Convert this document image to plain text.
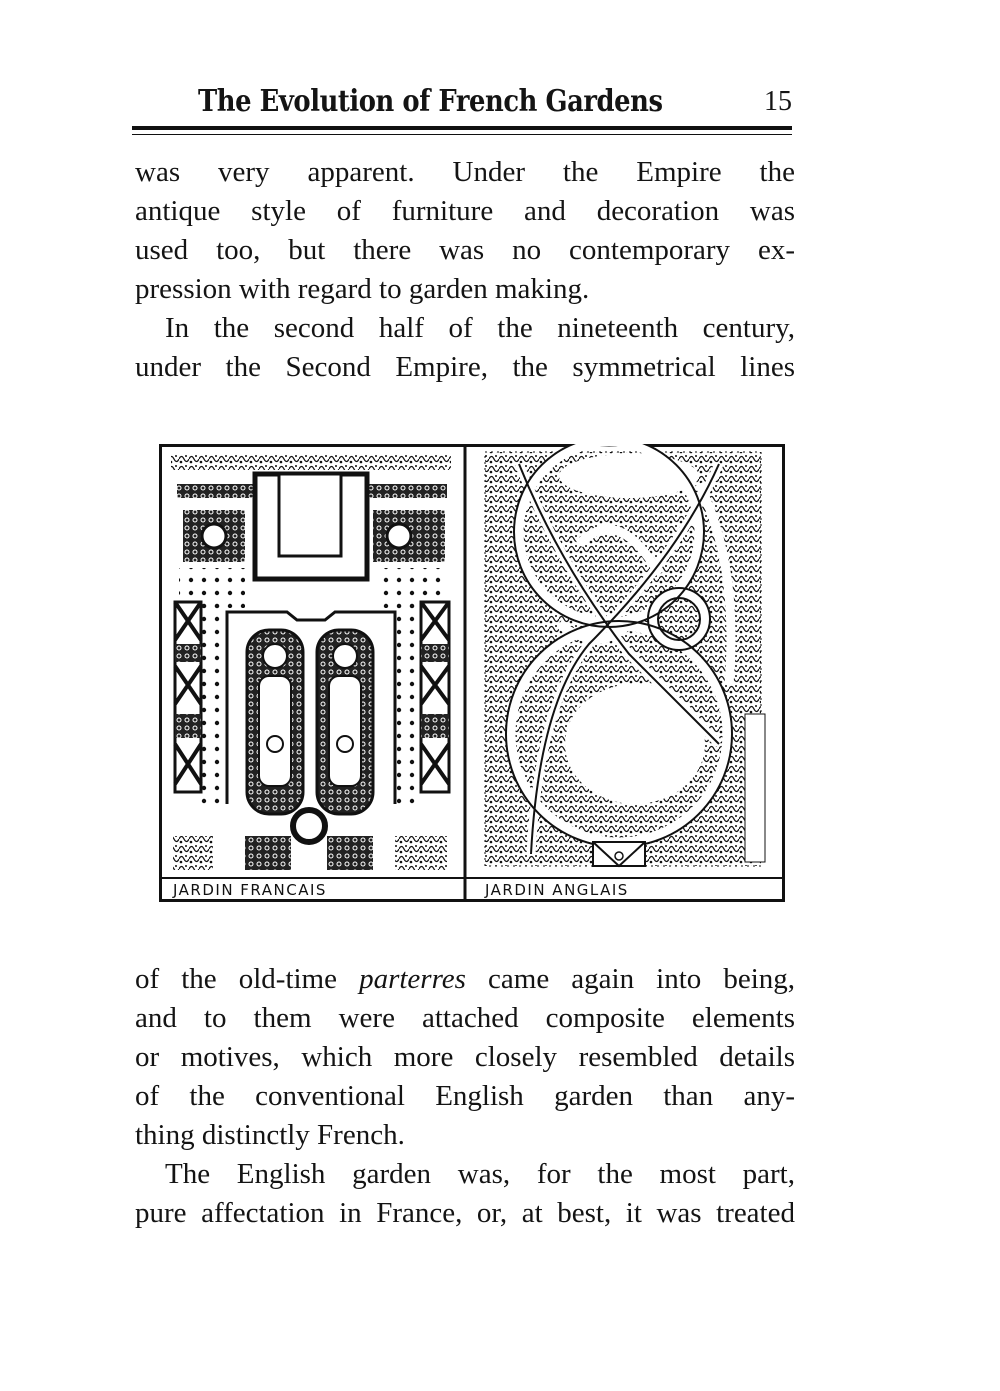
The Evolution of French Gardens	15

was very apparent. Under the Empire the

antique style of furniture and decoration was

used too, but there was no contemporary ex-

pression with regard to garden making.

In the second half of the nineteenth century,

under the Second Empire, the symmetrical lines

JARDIN FRANCAIS	JARDIN ANGLAIS

of the old-time parterres came again into being,

and to them were attached composite elements

or motives, which more closely resembled details

of the conventional English garden than any-

thing distinctly French.

The English garden was, for the most part,

pure affectation in France, or, at best, it was treated
